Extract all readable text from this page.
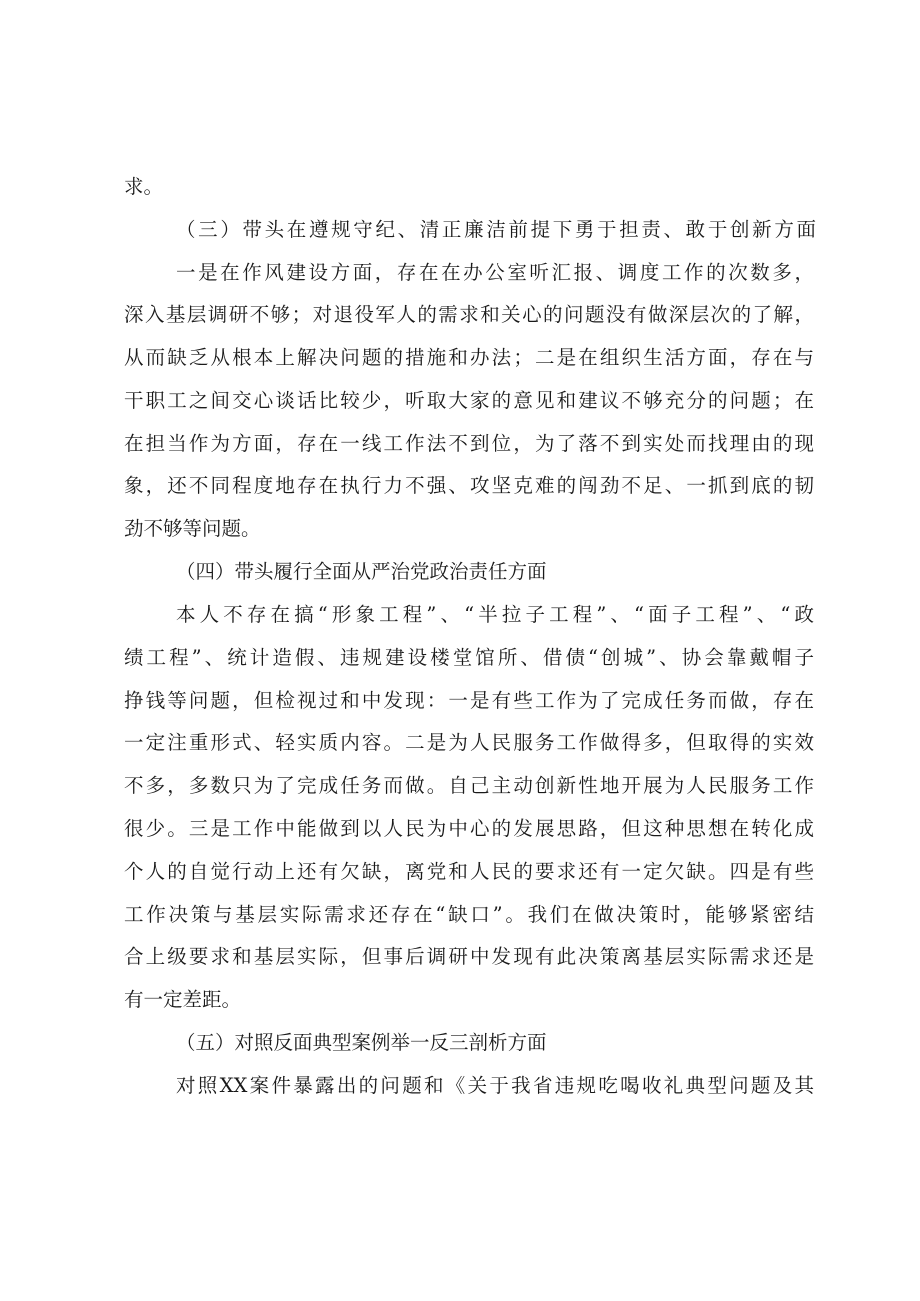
求。
（三）带头在遵规守纪、清正廉洁前提下勇于担责、敢于创新方面
一是在作风建设方面，存在在办公室听汇报、调度工作的次数多，
深入基层调研不够；对退役军人的需求和关心的问题没有做深层次的了解，
从而缺乏从根本上解决问题的措施和办法；二是在组织生活方面，存在与
干职工之间交心谈话比较少，听取大家的意见和建议不够充分的问题；在
在担当作为方面，存在一线工作法不到位，为了落不到实处而找理由的现
象，还不同程度地存在执行力不强、攻坚克难的闯劲不足、一抓到底的韧
劲不够等问题。
（四）带头履行全面从严治党政治责任方面
本人不存在搞“形象工程”、“半拉子工程”、“面子工程”、“政
绩工程”、统计造假、违规建设楼堂馆所、借债“创城”、协会靠戴帽子
挣钱等问题，但检视过和中发现：一是有些工作为了完成任务而做，存在
一定注重形式、轻实质内容。二是为人民服务工作做得多，但取得的实效
不多，多数只为了完成任务而做。自己主动创新性地开展为人民服务工作
很少。三是工作中能做到以人民为中心的发展思路，但这种思想在转化成
个人的自觉行动上还有欠缺，离党和人民的要求还有一定欠缺。四是有些
工作决策与基层实际需求还存在“缺口”。我们在做决策时，能够紧密结
合上级要求和基层实际，但事后调研中发现有此决策离基层实际需求还是
有一定差距。
（五）对照反面典型案例举一反三剖析方面
对照XX案件暴露出的问题和《关于我省违规吃喝收礼典型问题及其
